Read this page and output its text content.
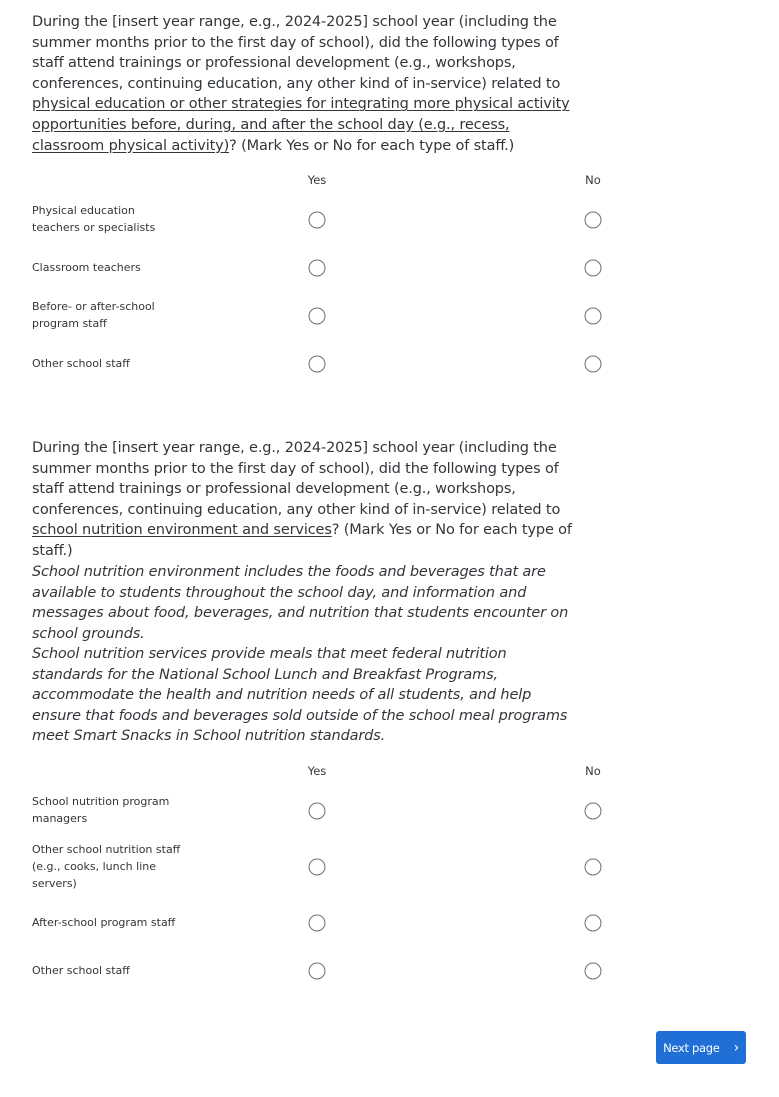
During the [insert year range, e.g., 2024-2025] school year (including the summer months prior to the first day of school), did the following types of staff attend trainings or professional development (e.g., workshops, conferences, continuing education, any other kind of in-service) related to physical education or other strategies for integrating more physical activity opportunities before, during, and after the school day (e.g., recess, classroom physical activity)? (Mark Yes or No for each type of staff.)

Yes	No
Physical education teachers or specialists
Classroom teachers
Before- or after-school program staff
Other school staff

During the [insert year range, e.g., 2024-2025] school year (including the summer months prior to the first day of school), did the following types of staff attend trainings or professional development (e.g., workshops, conferences, continuing education, any other kind of in-service) related to school nutrition environment and services? (Mark Yes or No for each type of staff.)

School nutrition environment includes the foods and beverages that are available to students throughout the school day, and information and messages about food, beverages, and nutrition that students encounter on school grounds.

School nutrition services provide meals that meet federal nutrition standards for the National School Lunch and Breakfast Programs, accommodate the health and nutrition needs of all students, and help ensure that foods and beverages sold outside of the school meal programs meet Smart Snacks in School nutrition standards.

Yes	No
School nutrition program managers
Other school nutrition staff (e.g., cooks, lunch line servers)
After-school program staff
Other school staff
Next page ›
